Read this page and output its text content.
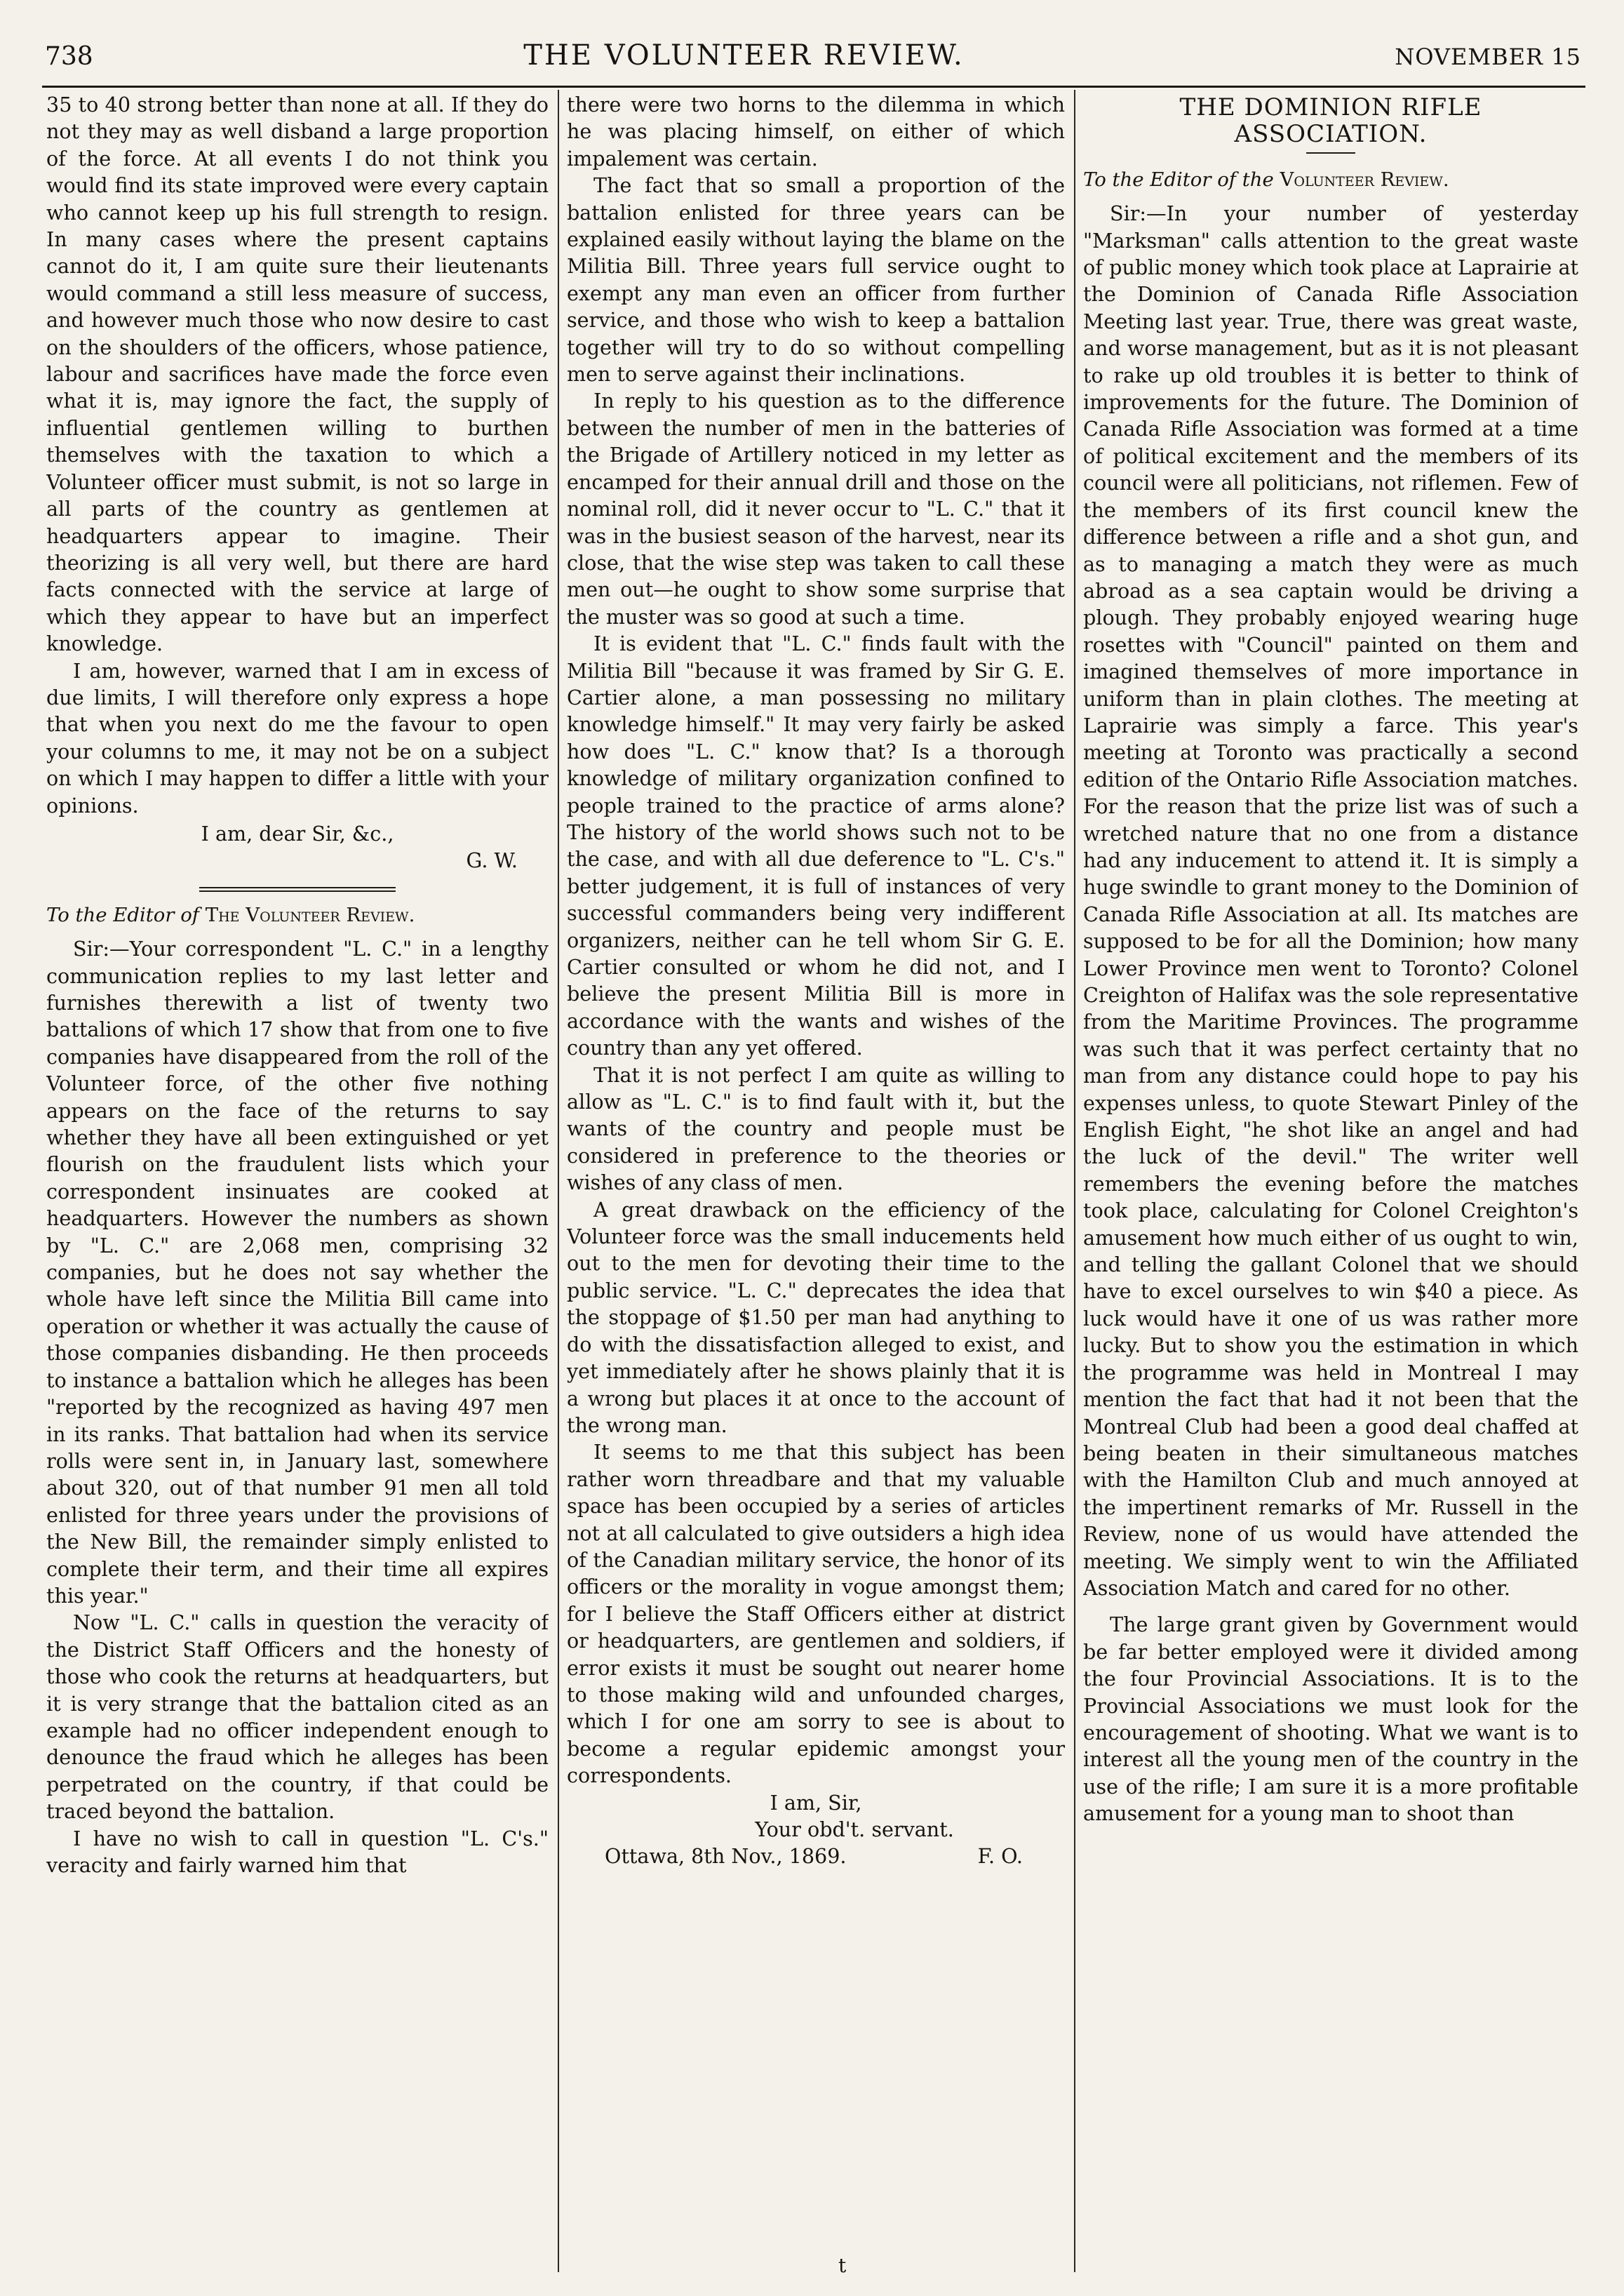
738	THE VOLUNTEER REVIEW.	NOVEMBER 15

35 to 40 strong better than none at all. If they do not they may as well disband a large proportion of the force. At all events I do not think you would find its state improved were every captain who cannot keep up his full strength to resign. In many cases where the present captains cannot do it, I am quite sure their lieutenants would command a still less measure of success, and however much those who now desire to cast on the shoulders of the officers, whose patience, labour and sacrifices have made the force even what it is, may ignore the fact, the supply of influential gentlemen willing to burthen themselves with the taxation to which a Volunteer officer must submit, is not so large in all parts of the country as gentlemen at headquarters appear to imagine. Their theorizing is all very well, but there are hard facts connected with the service at large of which they appear to have but an imperfect knowledge.

I am, however, warned that I am in excess of due limits, I will therefore only express a hope that when you next do me the favour to open your columns to me, it may not be on a subject on which I may happen to differ a little with your opinions.

I am, dear Sir, &c.,

G. W.

To the Editor of The Volunteer Review.

Sir:—Your correspondent "L. C." in a lengthy communication replies to my last letter and furnishes therewith a list of twenty two battalions of which 17 show that from one to five companies have disappeared from the roll of the Volunteer force, of the other five nothing appears on the face of the returns to say whether they have all been extinguished or yet flourish on the fraudulent lists which your correspondent insinuates are cooked at headquarters. However the numbers as shown by "L. C." are 2,068 men, comprising 32 companies, but he does not say whether the whole have left since the Militia Bill came into operation or whether it was actually the cause of those companies disbanding. He then proceeds to instance a battalion which he alleges has been "reported by the recognized as having 497 men in its ranks. That battalion had when its service rolls were sent in, in January last, somewhere about 320, out of that number 91 men all told enlisted for three years under the provisions of the New Bill, the remainder simply enlisted to complete their term, and their time all expires this year."

Now "L. C." calls in question the veracity of the District Staff Officers and the honesty of those who cook the returns at headquarters, but it is very strange that the battalion cited as an example had no officer independent enough to denounce the fraud which he alleges has been perpetrated on the country, if that could be traced beyond the battalion.

I have no wish to call in question "L. C's." veracity and fairly warned him that

there were two horns to the dilemma in which he was placing himself, on either of which impalement was certain.

The fact that so small a proportion of the battalion enlisted for three years can be explained easily without laying the blame on the Militia Bill. Three years full service ought to exempt any man even an officer from further service, and those who wish to keep a battalion together will try to do so without compelling men to serve against their inclinations.

In reply to his question as to the difference between the number of men in the batteries of the Brigade of Artillery noticed in my letter as encamped for their annual drill and those on the nominal roll, did it never occur to "L. C." that it was in the busiest season of the harvest, near its close, that the wise step was taken to call these men out—he ought to show some surprise that the muster was so good at such a time.

It is evident that "L. C." finds fault with the Militia Bill "because it was framed by Sir G. E. Cartier alone, a man possessing no military knowledge himself." It may very fairly be asked how does "L. C." know that? Is a thorough knowledge of military organization confined to people trained to the practice of arms alone? The history of the world shows such not to be the case, and with all due deference to "L. C's." better judgement, it is full of instances of very successful commanders being very indifferent organizers, neither can he tell whom Sir G. E. Cartier consulted or whom he did not, and I believe the present Militia Bill is more in accordance with the wants and wishes of the country than any yet offered.

That it is not perfect I am quite as willing to allow as "L. C." is to find fault with it, but the wants of the country and people must be considered in preference to the theories or wishes of any class of men.

A great drawback on the efficiency of the Volunteer force was the small inducements held out to the men for devoting their time to the public service. "L. C." deprecates the idea that the stoppage of $1.50 per man had anything to do with the dissatisfaction alleged to exist, and yet immediately after he shows plainly that it is a wrong but places it at once to the account of the wrong man.

It seems to me that this subject has been rather worn threadbare and that my valuable space has been occupied by a series of articles not at all calculated to give outsiders a high idea of the Canadian military service, the honor of its officers or the morality in vogue amongst them; for I believe the Staff Officers either at district or headquarters, are gentlemen and soldiers, if error exists it must be sought out nearer home to those making wild and unfounded charges, which I for one am sorry to see is about to become a regular epidemic amongst your correspondents.

I am, Sir,
Your obd't. servant.
Ottawa, 8th Nov., 1869.	F. O.
THE DOMINION RIFLE ASSOCIATION.

To the Editor of the Volunteer Review.

Sir:—In your number of yesterday "Marksman" calls attention to the great waste of public money which took place at Laprairie at the Dominion of Canada Rifle Association Meeting last year. True, there was great waste, and worse management, but as it is not pleasant to rake up old troubles it is better to think of improvements for the future. The Dominion of Canada Rifle Association was formed at a time of political excitement and the members of its council were all politicians, not riflemen. Few of the members of its first council knew the difference between a rifle and a shot gun, and as to managing a match they were as much abroad as a sea captain would be driving a plough. They probably enjoyed wearing huge rosettes with "Council" painted on them and imagined themselves of more importance in uniform than in plain clothes. The meeting at Laprairie was simply a farce. This year's meeting at Toronto was practically a second edition of the Ontario Rifle Association matches. For the reason that the prize list was of such a wretched nature that no one from a distance had any inducement to attend it. It is simply a huge swindle to grant money to the Dominion of Canada Rifle Association at all. Its matches are supposed to be for all the Dominion; how many Lower Province men went to Toronto? Colonel Creighton of Halifax was the sole representative from the Maritime Provinces. The programme was such that it was perfect certainty that no man from any distance could hope to pay his expenses unless, to quote Stewart Pinley of the English Eight, "he shot like an angel and had the luck of the devil." The writer well remembers the evening before the matches took place, calculating for Colonel Creighton's amusement how much either of us ought to win, and telling the gallant Colonel that we should have to excel ourselves to win $40 a piece. As luck would have it one of us was rather more lucky. But to show you the estimation in which the programme was held in Montreal I may mention the fact that had it not been that the Montreal Club had been a good deal chaffed at being beaten in their simultaneous matches with the Hamilton Club and much annoyed at the impertinent remarks of Mr. Russell in the Review, none of us would have attended the meeting. We simply went to win the Affiliated Association Match and cared for no other.

The large grant given by Government would be far better employed were it divided among the four Provincial Associations. It is to the Provincial Associations we must look for the encouragement of shooting. What we want is to interest all the young men of the country in the use of the rifle; I am sure it is a more profitable amusement for a young man to shoot than

t
